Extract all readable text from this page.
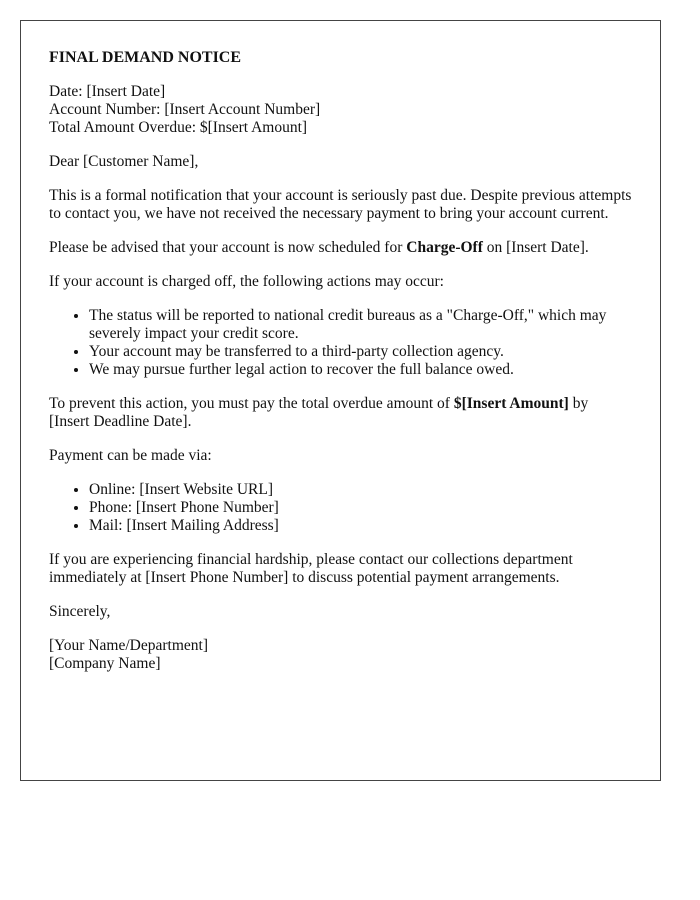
FINAL DEMAND NOTICE

Date: [Insert Date]
Account Number: [Insert Account Number]
Total Amount Overdue: $[Insert Amount]

Dear [Customer Name],

This is a formal notification that your account is seriously past due. Despite previous attempts to contact you, we have not received the necessary payment to bring your account current.

Please be advised that your account is now scheduled for Charge-Off on [Insert Date].

If your account is charged off, the following actions may occur:

• The status will be reported to national credit bureaus as a "Charge-Off," which may severely impact your credit score.
• Your account may be transferred to a third-party collection agency.
• We may pursue further legal action to recover the full balance owed.

To prevent this action, you must pay the total overdue amount of $[Insert Amount] by [Insert Deadline Date].

Payment can be made via:

• Online: [Insert Website URL]
• Phone: [Insert Phone Number]
• Mail: [Insert Mailing Address]

If you are experiencing financial hardship, please contact our collections department immediately at [Insert Phone Number] to discuss potential payment arrangements.

Sincerely,

[Your Name/Department]
[Company Name]
